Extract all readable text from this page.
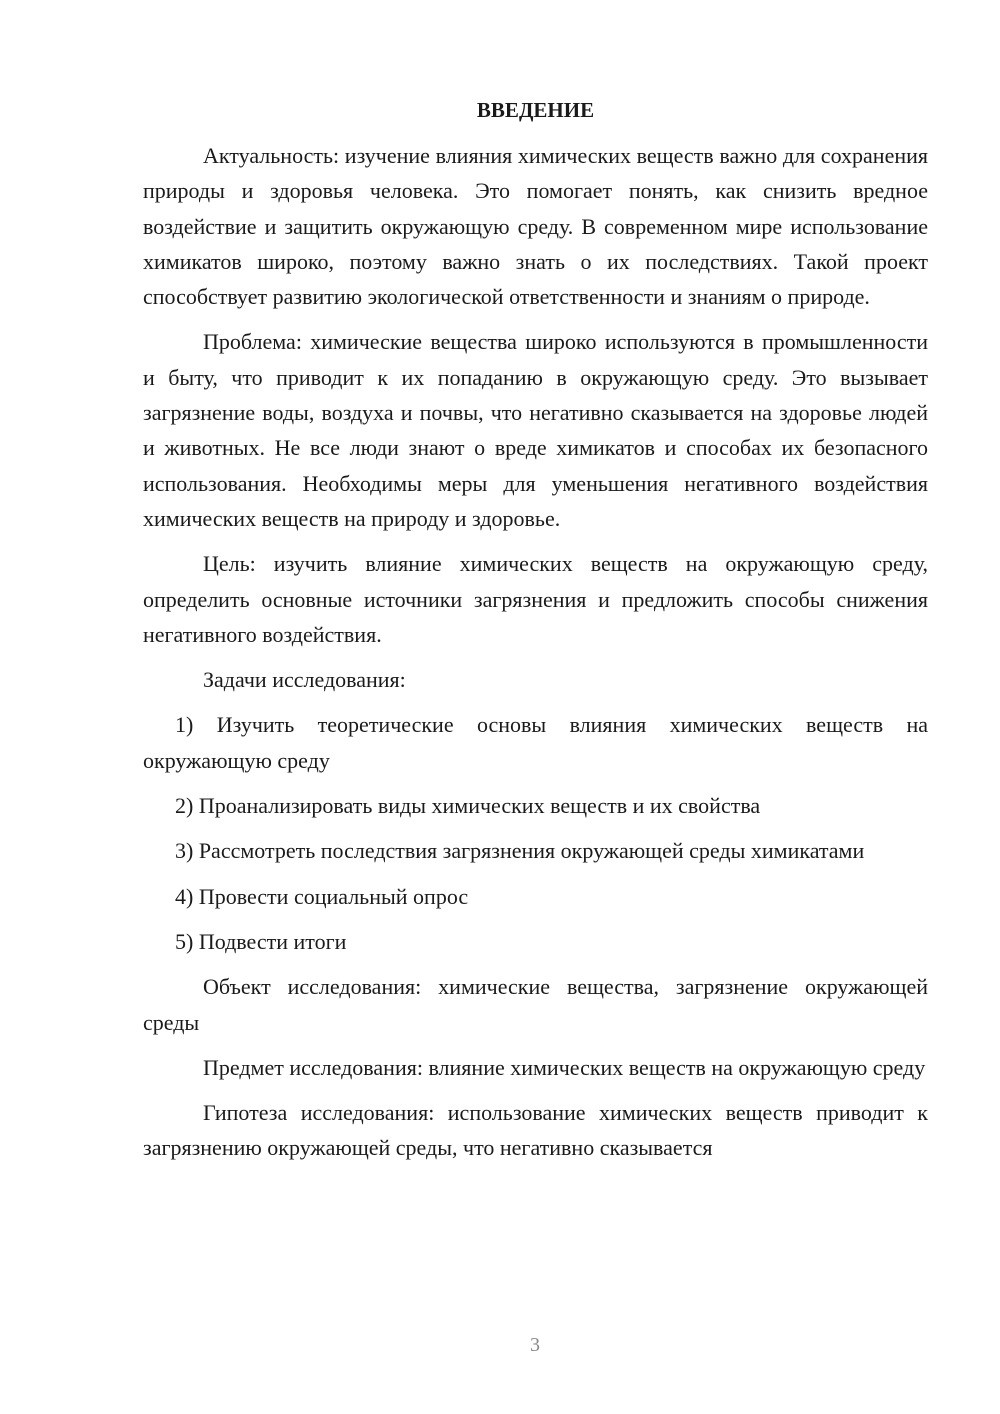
ВВЕДЕНИЕ

Актуальность: изучение влияния химических веществ важно для сохранения природы и здоровья человека. Это помогает понять, как снизить вредное воздействие и защитить окружающую среду. В современном мире использование химикатов широко, поэтому важно знать о их последствиях. Такой проект способствует развитию экологической ответственности и знаниям о природе.

Проблема: химические вещества широко используются в промышленности и быту, что приводит к их попаданию в окружающую среду. Это вызывает загрязнение воды, воздуха и почвы, что негативно сказывается на здоровье людей и животных. Не все люди знают о вреде химикатов и способах их безопасного использования. Необходимы меры для уменьшения негативного воздействия химических веществ на природу и здоровье.

Цель: изучить влияние химических веществ на окружающую среду, определить основные источники загрязнения и предложить способы снижения негативного воздействия.

Задачи исследования:

1) Изучить теоретические основы влияния химических веществ на окружающую среду

2) Проанализировать виды химических веществ и их свойства

3) Рассмотреть последствия загрязнения окружающей среды химикатами

4) Провести социальный опрос

5) Подвести итоги

Объект исследования: химические вещества, загрязнение окружающей среды

Предмет исследования: влияние химических веществ на окружающую среду

Гипотеза исследования: использование химических веществ приводит к загрязнению окружающей среды, что негативно сказывается

3
